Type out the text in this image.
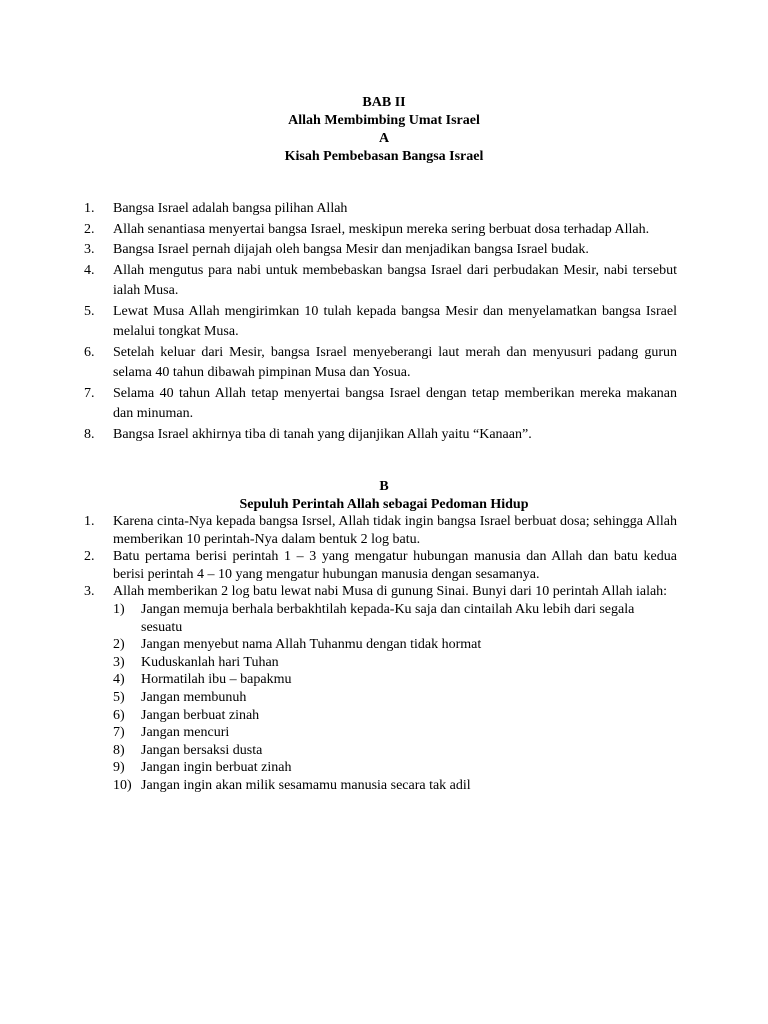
BAB II
Allah Membimbing Umat Israel
A
Kisah Pembebasan Bangsa Israel
1.	Bangsa Israel adalah bangsa pilihan Allah
2.	Allah senantiasa menyertai bangsa Israel, meskipun mereka sering berbuat dosa terhadap Allah.
3.	Bangsa Israel pernah dijajah oleh bangsa Mesir dan menjadikan bangsa Israel budak.
4.	Allah mengutus para nabi untuk membebaskan bangsa Israel dari perbudakan Mesir, nabi tersebut ialah Musa.
5.	Lewat Musa Allah mengirimkan 10 tulah kepada bangsa Mesir dan menyelamatkan bangsa Israel melalui tongkat Musa.
6.	Setelah keluar dari Mesir, bangsa Israel menyeberangi laut merah dan menyusuri padang gurun selama 40 tahun dibawah pimpinan Musa dan Yosua.
7.	Selama 40 tahun Allah tetap menyertai bangsa Israel dengan tetap memberikan mereka makanan dan minuman.
8.	Bangsa Israel akhirnya tiba di tanah yang dijanjikan Allah yaitu “Kanaan”.
B
Sepuluh Perintah Allah sebagai Pedoman Hidup
1.	Karena cinta-Nya kepada bangsa Isrsel, Allah tidak ingin bangsa Israel berbuat dosa; sehingga Allah memberikan 10 perintah-Nya dalam bentuk 2 log batu.
2.	Batu pertama berisi perintah 1 – 3 yang mengatur hubungan manusia dan Allah dan batu kedua berisi perintah 4 – 10 yang mengatur hubungan manusia dengan sesamanya.
3.	Allah memberikan 2 log batu lewat nabi Musa di gunung Sinai. Bunyi dari 10 perintah Allah ialah:
1) Jangan memuja berhala berbakhtilah kepada-Ku saja dan cintailah Aku lebih dari segala sesuatu
2) Jangan menyebut nama Allah Tuhanmu dengan tidak hormat
3) Kuduskanlah hari Tuhan
4) Hormatilah ibu – bapakmu
5) Jangan membunuh
6) Jangan berbuat zinah
7) Jangan mencuri
8) Jangan bersaksi dusta
9) Jangan ingin berbuat zinah
10) Jangan ingin akan milik sesamamu manusia secara tak adil
